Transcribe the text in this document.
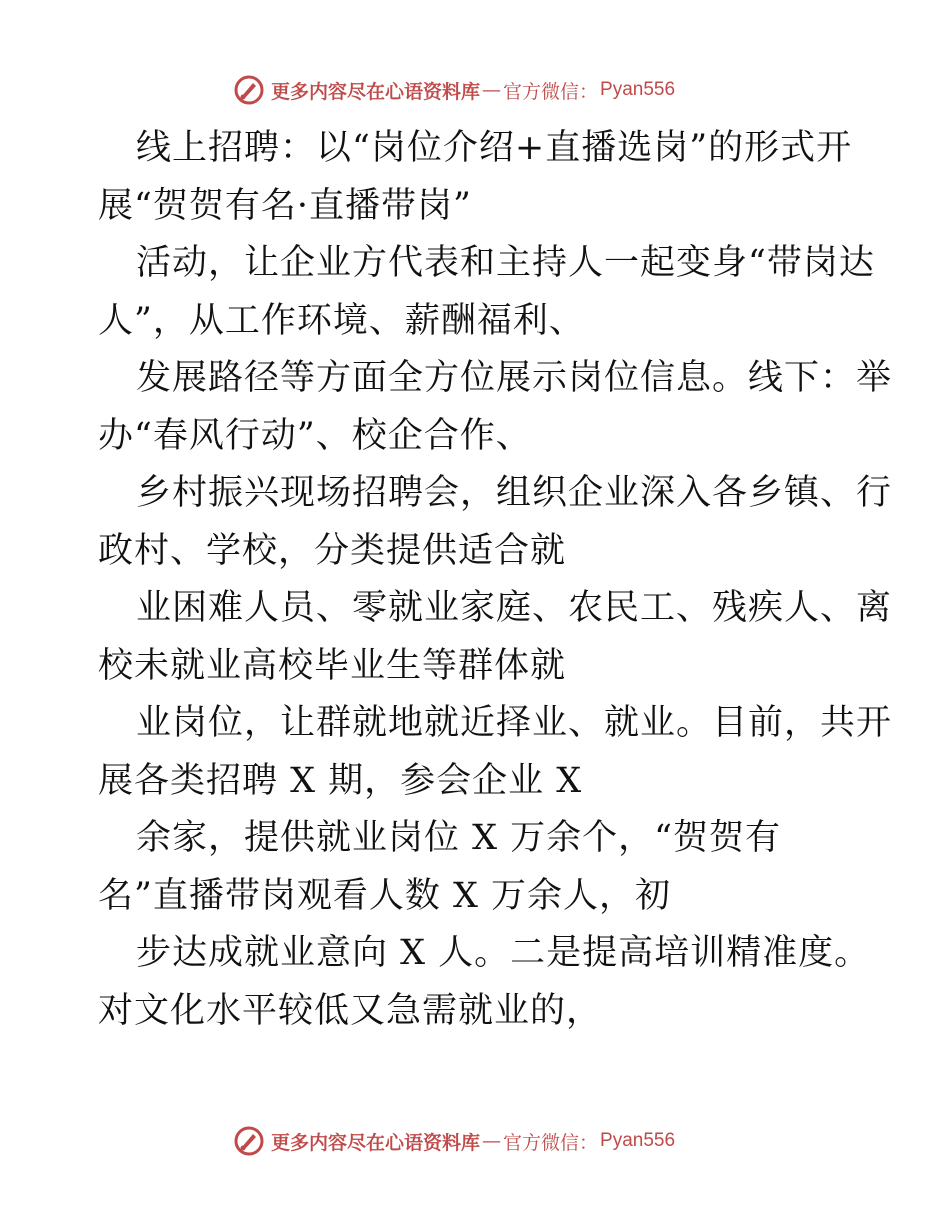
更多内容尽在心语资料库 — 官方微信： Pyan556
线上招聘：以“岗位介绍+直播选岗”的形式开
展“贺贺有名·直播带岗”
活动，让企业方代表和主持人一起变身“带岗达
人”，从工作环境、薪酬福利、
发展路径等方面全方位展示岗位信息。线下：举
办“春风行动”、校企合作、
乡村振兴现场招聘会，组织企业深入各乡镇、行
政村、学校，分类提供适合就
业困难人员、零就业家庭、农民工、残疾人、离
校未就业高校毕业生等群体就
业岗位，让群就地就近择业、就业。目前，共开
展各类招聘 X 期，参会企业 X
余家，提供就业岗位 X 万余个，“贺贺有
名”直播带岗观看人数 X 万余人，初
步达成就业意向 X 人。二是提高培训精准度。
对文化水平较低又急需就业的，
更多内容尽在心语资料库 — 官方微信： Pyan556
